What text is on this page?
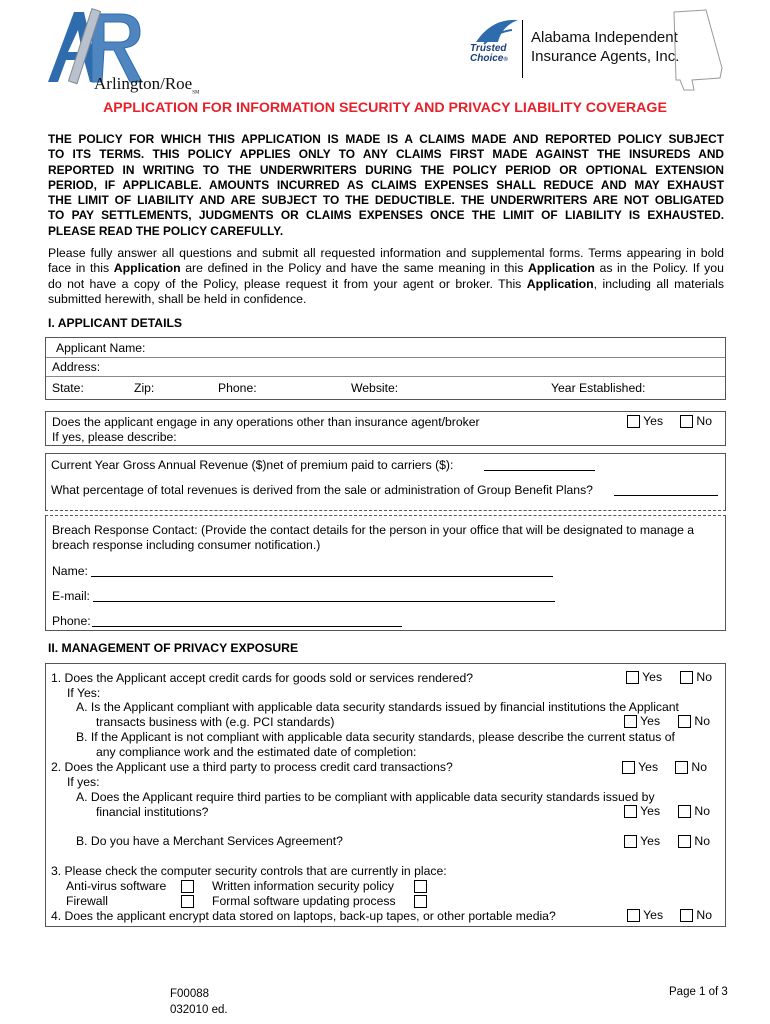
Arlington/Roe$_{SM}$
Trusted
Choice®
Alabama Independent
Insurance Agents, Inc.
APPLICATION FOR INFORMATION SECURITY AND PRIVACY LIABILITY COVERAGE
THE POLICY FOR WHICH THIS APPLICATION IS MADE IS A CLAIMS MADE AND REPORTED POLICY SUBJECT
TO ITS TERMS. THIS POLICY APPLIES ONLY TO ANY CLAIMS FIRST MADE AGAINST THE INSUREDS AND
REPORTED IN WRITING TO THE UNDERWRITERS DURING THE POLICY PERIOD OR OPTIONAL EXTENSION
PERIOD, IF APPLICABLE. AMOUNTS INCURRED AS CLAIMS EXPENSES SHALL REDUCE AND MAY EXHAUST
THE LIMIT OF LIABILITY AND ARE SUBJECT TO THE DEDUCTIBLE. THE UNDERWRITERS ARE NOT OBLIGATED
TO PAY SETTLEMENTS, JUDGMENTS OR CLAIMS EXPENSES ONCE THE LIMIT OF LIABILITY IS EXHAUSTED.
PLEASE READ THE POLICY CAREFULLY.
Please fully answer all questions and submit all requested information and supplemental forms. Terms appearing in bold
face in this Application are defined in the Policy and have the same meaning in this Application as in the Policy. If you
do not have a copy of the Policy, please request it from your agent or broker. This Application, including all materials
submitted herewith, shall be held in confidence.
I. APPLICANT DETAILS
Applicant Name:
Address:
State:	Zip:	Phone:	Website:	Year Established:
Does the applicant engage in any operations other than insurance agent/broker
If yes, please describe:
Yes	No
Current Year Gross Annual Revenue ($)net of premium paid to carriers ($):
What percentage of total revenues is derived from the sale or administration of Group Benefit Plans?
Breach Response Contact: (Provide the contact details for the person in your office that will be designated to manage a
breach response including consumer notification.)
Name:
E-mail:
Phone:
II. MANAGEMENT OF PRIVACY EXPOSURE
1. Does the Applicant accept credit cards for goods sold or services rendered?	Yes	No
If Yes:
A. Is the Applicant compliant with applicable data security standards issued by financial institutions the Applicant
transacts business with (e.g. PCI standards)	Yes	No
B. If the Applicant is not compliant with applicable data security standards, please describe the current status of
any compliance work and the estimated date of completion:
2. Does the Applicant use a third party to process credit card transactions?	Yes	No
If yes:
A. Does the Applicant require third parties to be compliant with applicable data security standards issued by
financial institutions?	Yes	No
B. Do you have a Merchant Services Agreement?	Yes	No
3. Please check the computer security controls that are currently in place:
Anti-virus software	Written information security policy
Firewall	Formal software updating process
4. Does the applicant encrypt data stored on laptops, back-up tapes, or other portable media?	Yes	No
F00088
032010 ed.
Page 1 of 3
